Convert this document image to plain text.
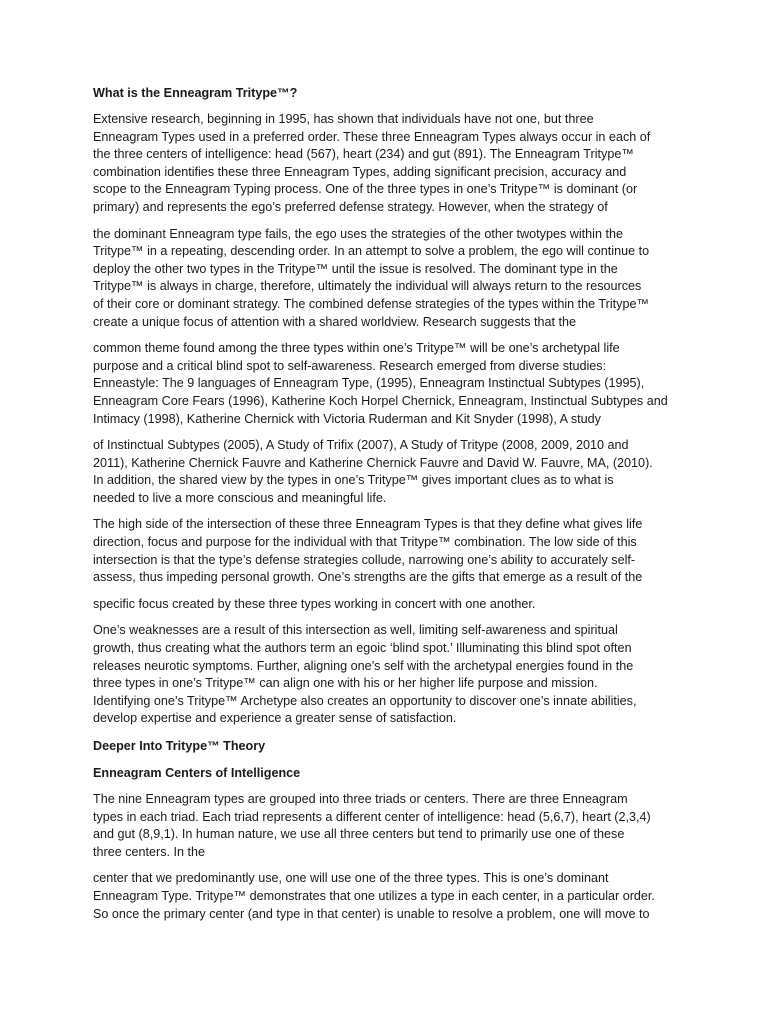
What is the Enneagram Tritype™?

Extensive research, beginning in 1995, has shown that individuals have not one, but three
Enneagram Types used in a preferred order. These three Enneagram Types always occur in each of
the three centers of intelligence: head (567), heart (234) and gut (891). The Enneagram Tritype™
combination identifies these three Enneagram Types, adding significant precision, accuracy and
scope to the Enneagram Typing process. One of the three types in one’s Tritype™ is dominant (or
primary) and represents the ego’s preferred defense strategy. However, when the strategy of

the dominant Enneagram type fails, the ego uses the strategies of the other twotypes within the
Tritype™ in a repeating, descending order. In an attempt to solve a problem, the ego will continue to
deploy the other two types in the Tritype™ until the issue is resolved. The dominant type in the
Tritype™ is always in charge, therefore, ultimately the individual will always return to the resources
of their core or dominant strategy. The combined defense strategies of the types within the Tritype™
create a unique focus of attention with a shared worldview. Research suggests that the

common theme found among the three types within one’s Tritype™ will be one’s archetypal life
purpose and a critical blind spot to self-awareness. Research emerged from diverse studies:
Enneastyle: The 9 languages of Enneagram Type, (1995), Enneagram Instinctual Subtypes (1995),
Enneagram Core Fears (1996), Katherine Koch Horpel Chernick, Enneagram, Instinctual Subtypes and
Intimacy (1998), Katherine Chernick with Victoria Ruderman and Kit Snyder (1998), A study

of Instinctual Subtypes (2005), A Study of Trifix (2007), A Study of Tritype (2008, 2009, 2010 and
2011), Katherine Chernick Fauvre and Katherine Chernick Fauvre and David W. Fauvre, MA, (2010).
In addition, the shared view by the types in one’s Tritype™ gives important clues as to what is
needed to live a more conscious and meaningful life.

The high side of the intersection of these three Enneagram Types is that they define what gives life
direction, focus and purpose for the individual with that Tritype™ combination. The low side of this
intersection is that the type’s defense strategies collude, narrowing one’s ability to accurately self-
assess, thus impeding personal growth. One’s strengths are the gifts that emerge as a result of the

specific focus created by these three types working in concert with one another.

One’s weaknesses are a result of this intersection as well, limiting self-awareness and spiritual
growth, thus creating what the authors term an egoic ‘blind spot.’ Illuminating this blind spot often
releases neurotic symptoms. Further, aligning one’s self with the archetypal energies found in the
three types in one’s Tritype™ can align one with his or her higher life purpose and mission.
Identifying one’s Tritype™ Archetype also creates an opportunity to discover one’s innate abilities,
develop expertise and experience a greater sense of satisfaction.

Deeper Into Tritype™ Theory
Enneagram Centers of Intelligence

The nine Enneagram types are grouped into three triads or centers. There are three Enneagram
types in each triad. Each triad represents a different center of intelligence: head (5,6,7), heart (2,3,4)
and gut (8,9,1). In human nature, we use all three centers but tend to primarily use one of these
three centers. In the

center that we predominantly use, one will use one of the three types. This is one’s dominant
Enneagram Type. Tritype™ demonstrates that one utilizes a type in each center, in a particular order.
So once the primary center (and type in that center) is unable to resolve a problem, one will move to
